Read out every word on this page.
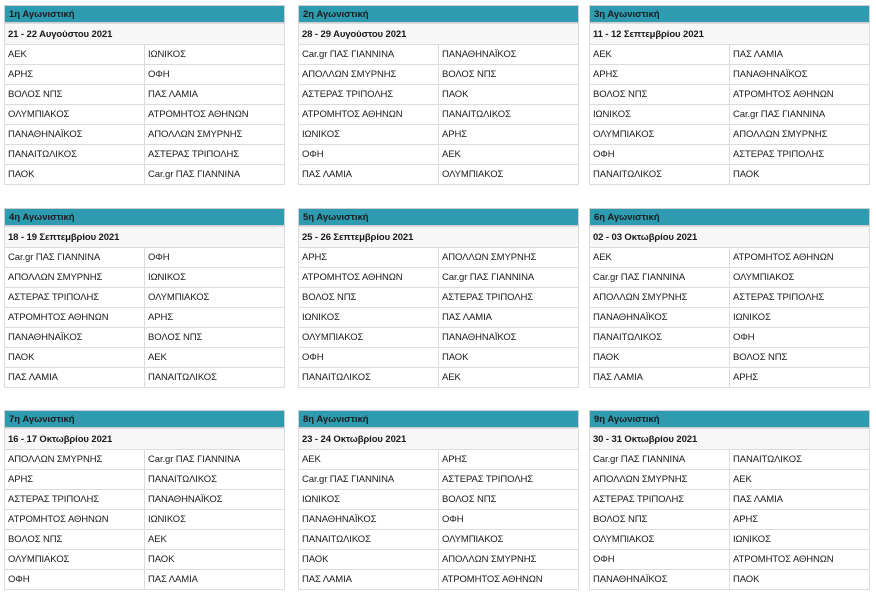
1η Αγωνιστική
21 - 22 Αυγούστου 2021	
ΑΕΚ	ΙΩΝΙΚΟΣ
ΑΡΗΣ	ΟΦΗ
ΒΟΛΟΣ ΝΠΣ	ΠΑΣ ΛΑΜΙΑ
ΟΛΥΜΠΙΑΚΟΣ	ΑΤΡΟΜΗΤΟΣ ΑΘΗΝΩΝ
ΠΑΝΑΘΗΝΑΪΚΟΣ	ΑΠΟΛΛΩΝ ΣΜΥΡΝΗΣ
ΠΑΝΑΙΤΩΛΙΚΟΣ	ΑΣΤΕΡΑΣ ΤΡΙΠΟΛΗΣ
ΠΑΟΚ	Car.gr ΠΑΣ ΓΙΑΝΝΙΝΑ
2η Αγωνιστική
28 - 29 Αυγούστου 2021	
Car.gr ΠΑΣ ΓΙΑΝΝΙΝΑ	ΠΑΝΑΘΗΝΑΪΚΟΣ
ΑΠΟΛΛΩΝ ΣΜΥΡΝΗΣ	ΒΟΛΟΣ ΝΠΣ
ΑΣΤΕΡΑΣ ΤΡΙΠΟΛΗΣ	ΠΑΟΚ
ΑΤΡΟΜΗΤΟΣ ΑΘΗΝΩΝ	ΠΑΝΑΙΤΩΛΙΚΟΣ
ΙΩΝΙΚΟΣ	ΑΡΗΣ
ΟΦΗ	ΑΕΚ
ΠΑΣ ΛΑΜΙΑ	ΟΛΥΜΠΙΑΚΟΣ
3η Αγωνιστική
11 - 12 Σεπτεμβρίου 2021	
ΑΕΚ	ΠΑΣ ΛΑΜΙΑ
ΑΡΗΣ	ΠΑΝΑΘΗΝΑΪΚΟΣ
ΒΟΛΟΣ ΝΠΣ	ΑΤΡΟΜΗΤΟΣ ΑΘΗΝΩΝ
ΙΩΝΙΚΟΣ	Car.gr ΠΑΣ ΓΙΑΝΝΙΝΑ
ΟΛΥΜΠΙΑΚΟΣ	ΑΠΟΛΛΩΝ ΣΜΥΡΝΗΣ
ΟΦΗ	ΑΣΤΕΡΑΣ ΤΡΙΠΟΛΗΣ
ΠΑΝΑΙΤΩΛΙΚΟΣ	ΠΑΟΚ
4η Αγωνιστική
18 - 19 Σεπτεμβρίου 2021	
Car.gr ΠΑΣ ΓΙΑΝΝΙΝΑ	ΟΦΗ
ΑΠΟΛΛΩΝ ΣΜΥΡΝΗΣ	ΙΩΝΙΚΟΣ
ΑΣΤΕΡΑΣ ΤΡΙΠΟΛΗΣ	ΟΛΥΜΠΙΑΚΟΣ
ΑΤΡΟΜΗΤΟΣ ΑΘΗΝΩΝ	ΑΡΗΣ
ΠΑΝΑΘΗΝΑΪΚΟΣ	ΒΟΛΟΣ ΝΠΣ
ΠΑΟΚ	ΑΕΚ
ΠΑΣ ΛΑΜΙΑ	ΠΑΝΑΙΤΩΛΙΚΟΣ
5η Αγωνιστική
25 - 26 Σεπτεμβρίου 2021	
ΑΡΗΣ	ΑΠΟΛΛΩΝ ΣΜΥΡΝΗΣ
ΑΤΡΟΜΗΤΟΣ ΑΘΗΝΩΝ	Car.gr ΠΑΣ ΓΙΑΝΝΙΝΑ
ΒΟΛΟΣ ΝΠΣ	ΑΣΤΕΡΑΣ ΤΡΙΠΟΛΗΣ
ΙΩΝΙΚΟΣ	ΠΑΣ ΛΑΜΙΑ
ΟΛΥΜΠΙΑΚΟΣ	ΠΑΝΑΘΗΝΑΪΚΟΣ
ΟΦΗ	ΠΑΟΚ
ΠΑΝΑΙΤΩΛΙΚΟΣ	ΑΕΚ
6η Αγωνιστική
02 - 03 Οκτωβρίου 2021	
ΑΕΚ	ΑΤΡΟΜΗΤΟΣ ΑΘΗΝΩΝ
Car.gr ΠΑΣ ΓΙΑΝΝΙΝΑ	ΟΛΥΜΠΙΑΚΟΣ
ΑΠΟΛΛΩΝ ΣΜΥΡΝΗΣ	ΑΣΤΕΡΑΣ ΤΡΙΠΟΛΗΣ
ΠΑΝΑΘΗΝΑΪΚΟΣ	ΙΩΝΙΚΟΣ
ΠΑΝΑΙΤΩΛΙΚΟΣ	ΟΦΗ
ΠΑΟΚ	ΒΟΛΟΣ ΝΠΣ
ΠΑΣ ΛΑΜΙΑ	ΑΡΗΣ
7η Αγωνιστική
16 - 17 Οκτωβρίου 2021	
ΑΠΟΛΛΩΝ ΣΜΥΡΝΗΣ	Car.gr ΠΑΣ ΓΙΑΝΝΙΝΑ
ΑΡΗΣ	ΠΑΝΑΙΤΩΛΙΚΟΣ
ΑΣΤΕΡΑΣ ΤΡΙΠΟΛΗΣ	ΠΑΝΑΘΗΝΑΪΚΟΣ
ΑΤΡΟΜΗΤΟΣ ΑΘΗΝΩΝ	ΙΩΝΙΚΟΣ
ΒΟΛΟΣ ΝΠΣ	ΑΕΚ
ΟΛΥΜΠΙΑΚΟΣ	ΠΑΟΚ
ΟΦΗ	ΠΑΣ ΛΑΜΙΑ
8η Αγωνιστική
23 - 24 Οκτωβρίου 2021	
ΑΕΚ	ΑΡΗΣ
Car.gr ΠΑΣ ΓΙΑΝΝΙΝΑ	ΑΣΤΕΡΑΣ ΤΡΙΠΟΛΗΣ
ΙΩΝΙΚΟΣ	ΒΟΛΟΣ ΝΠΣ
ΠΑΝΑΘΗΝΑΪΚΟΣ	ΟΦΗ
ΠΑΝΑΙΤΩΛΙΚΟΣ	ΟΛΥΜΠΙΑΚΟΣ
ΠΑΟΚ	ΑΠΟΛΛΩΝ ΣΜΥΡΝΗΣ
ΠΑΣ ΛΑΜΙΑ	ΑΤΡΟΜΗΤΟΣ ΑΘΗΝΩΝ
9η Αγωνιστική
30 - 31 Οκτωβρίου 2021	
Car.gr ΠΑΣ ΓΙΑΝΝΙΝΑ	ΠΑΝΑΙΤΩΛΙΚΟΣ
ΑΠΟΛΛΩΝ ΣΜΥΡΝΗΣ	ΑΕΚ
ΑΣΤΕΡΑΣ ΤΡΙΠΟΛΗΣ	ΠΑΣ ΛΑΜΙΑ
ΒΟΛΟΣ ΝΠΣ	ΑΡΗΣ
ΟΛΥΜΠΙΑΚΟΣ	ΙΩΝΙΚΟΣ
ΟΦΗ	ΑΤΡΟΜΗΤΟΣ ΑΘΗΝΩΝ
ΠΑΝΑΘΗΝΑΪΚΟΣ	ΠΑΟΚ
